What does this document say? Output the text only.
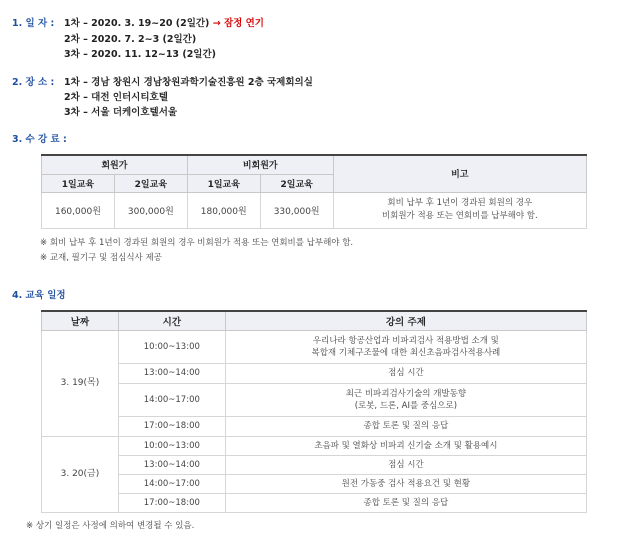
1. 일 자 : 1차 – 2020. 3. 19~20 (2일간) → 잠정 연기
2차 – 2020. 7. 2~3 (2일간)
3차 – 2020. 11. 12~13 (2일간)
2. 장 소 : 1차 – 경남 창원시 경남창원과학기술진흥원 2층 국제회의실
2차 – 대전 인터시티호텔
3차 – 서울 더케이호텔서울
3. 수 강 료 :
회원가		비회원가		비고
1일교육	2일교육	1일교육	2일교육	
160,000원	300,000원	180,000원	330,000원	회비 납부 후 1년이 경과된 회원의 경우
비회원가 적용 또는 연회비를 납부해야 함.
※ 회비 납부 후 1년이 경과된 회원의 경우 비회원가 적용 또는 연회비를 납부해야 함.
※ 교재, 필기구 및 점심식사 제공
4. 교육 일정
날짜	시간	강의 주제
3. 19(목)	10:00~13:00	우리나라 항공산업과 비파괴검사 적용방법 소개 및
복합재 기체구조물에 대한 최신초음파검사적용사례

	13:00~14:00	점심 시간
	14:00~17:00	최근 비파괴검사기술의 개발동향
(로봇, 드론, AI를 중심으로)

	17:00~18:00	종합 토론 및 질의 응답
3. 20(금)	10:00~13:00	초음파 및 열화상 비파괴 신기술 소개 및 활용예시
	13:00~14:00	점심 시간
	14:00~17:00	원전 가동중 검사 적용요건 및 현황
	17:00~18:00	종합 토론 및 질의 응답
※ 상기 일정은 사정에 의하여 변경될 수 있음.
